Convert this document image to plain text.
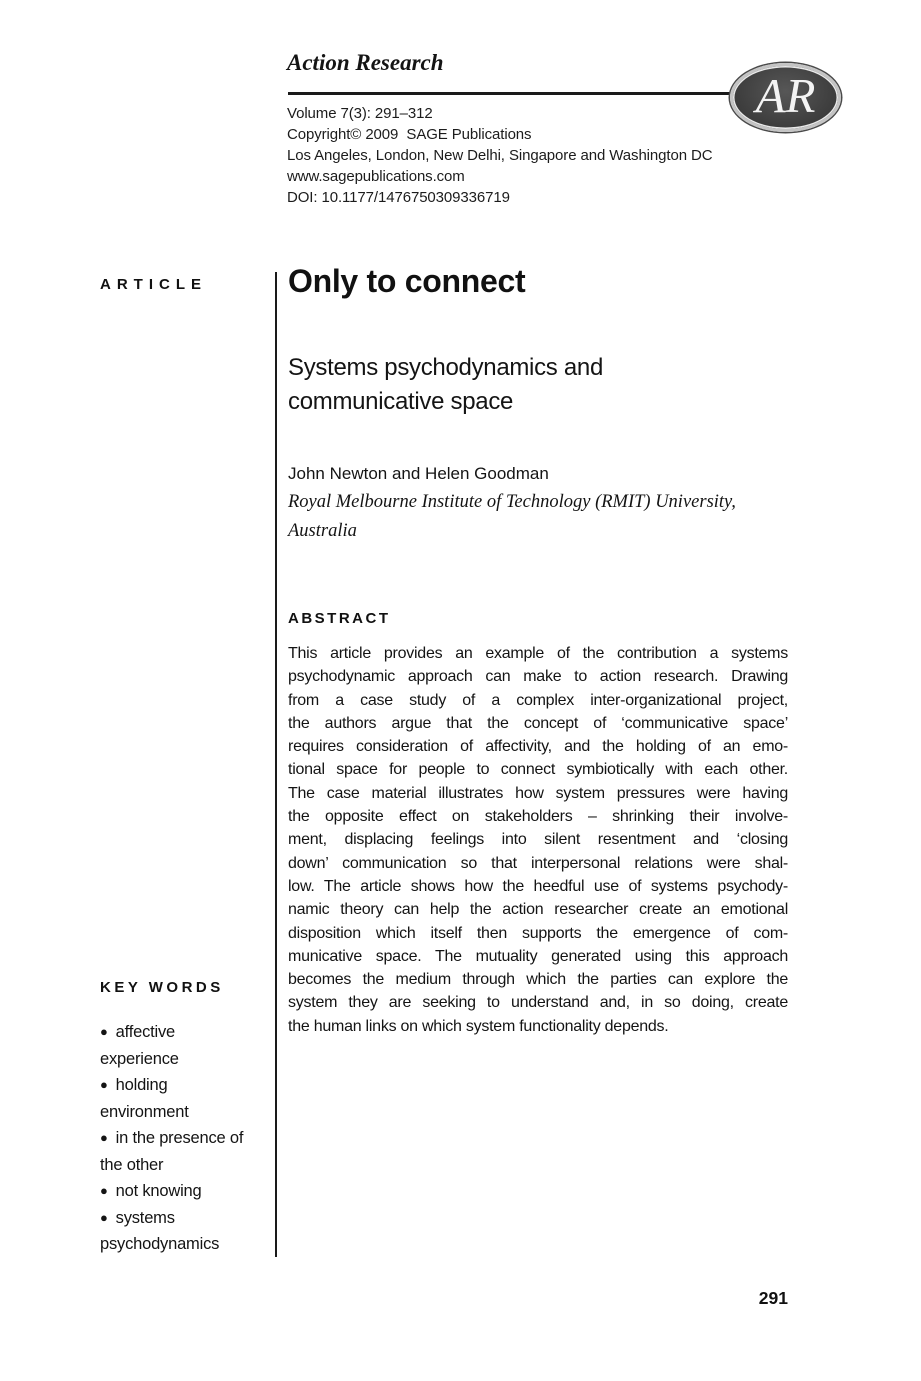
Action Research
Volume 7(3): 291–312
Copyright© 2009  SAGE Publications
Los Angeles, London, New Delhi, Singapore and Washington DC
www.sagepublications.com
DOI: 10.1177/1476750309336719
AR
ARTICLE
KEY WORDS
● affective
experience
● holding
environment
● in the presence of
the other
● not knowing
● systems
psychodynamics
Only to connect
Systems psychodynamics and
communicative space
John Newton and Helen Goodman
Royal Melbourne Institute of Technology (RMIT) University,
Australia
ABSTRACT
This article provides an example of the contribution a systems
psychodynamic approach can make to action research. Drawing
from a case study of a complex inter-organizational project,
the authors argue that the concept of ‘communicative space’
requires consideration of affectivity, and the holding of an emo-
tional space for people to connect symbiotically with each other.
The case material illustrates how system pressures were having
the opposite effect on stakeholders – shrinking their involve-
ment, displacing feelings into silent resentment and ‘closing
down’ communication so that interpersonal relations were shal-
low. The article shows how the heedful use of systems psychody-
namic theory can help the action researcher create an emotional
disposition which itself then supports the emergence of com-
municative space. The mutuality generated using this approach
becomes the medium through which the parties can explore the
system they are seeking to understand and, in so doing, create
the human links on which system functionality depends.
291
